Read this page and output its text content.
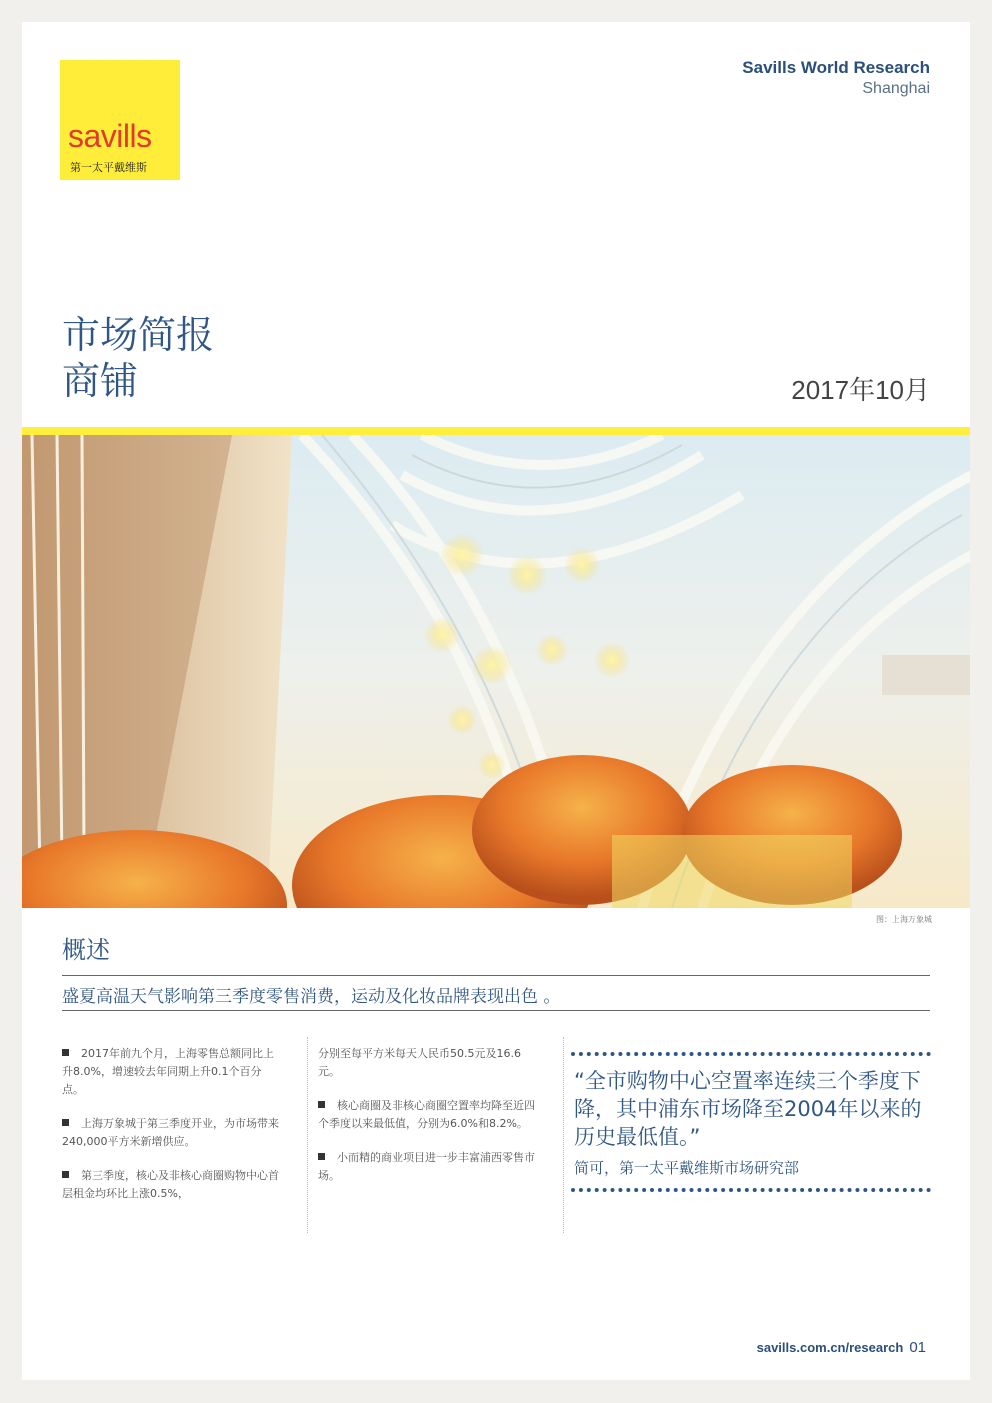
savills
第一太平戴维斯
Savills World Research
Shanghai
市场简报
商铺	2017年10月
图：上海万象城
概述
盛夏高温天气影响第三季度零售消费，运动及化妆品牌表现出色 。

2017年前九个月，上海零售总额同比上升8.0%，增速较去年同期上升0.1个百分点。

上海万象城于第三季度开业，为市场带来240,000平方米新增供应。

第三季度，核心及非核心商圈购物中心首层租金均环比上涨0.5%，

分别至每平方米每天人民币50.5元及16.6元。

核心商圈及非核心商圈空置率均降至近四个季度以来最低值，分别为6.0%和8.2%。

小而精的商业项目进一步丰富浦西零售市场。

“全市购物中心空置率连续三个季度下降，其中浦东市场降至2004年以来的历史最低值。”
简可，第一太平戴维斯市场研究部
savills.com.cn/research 01
